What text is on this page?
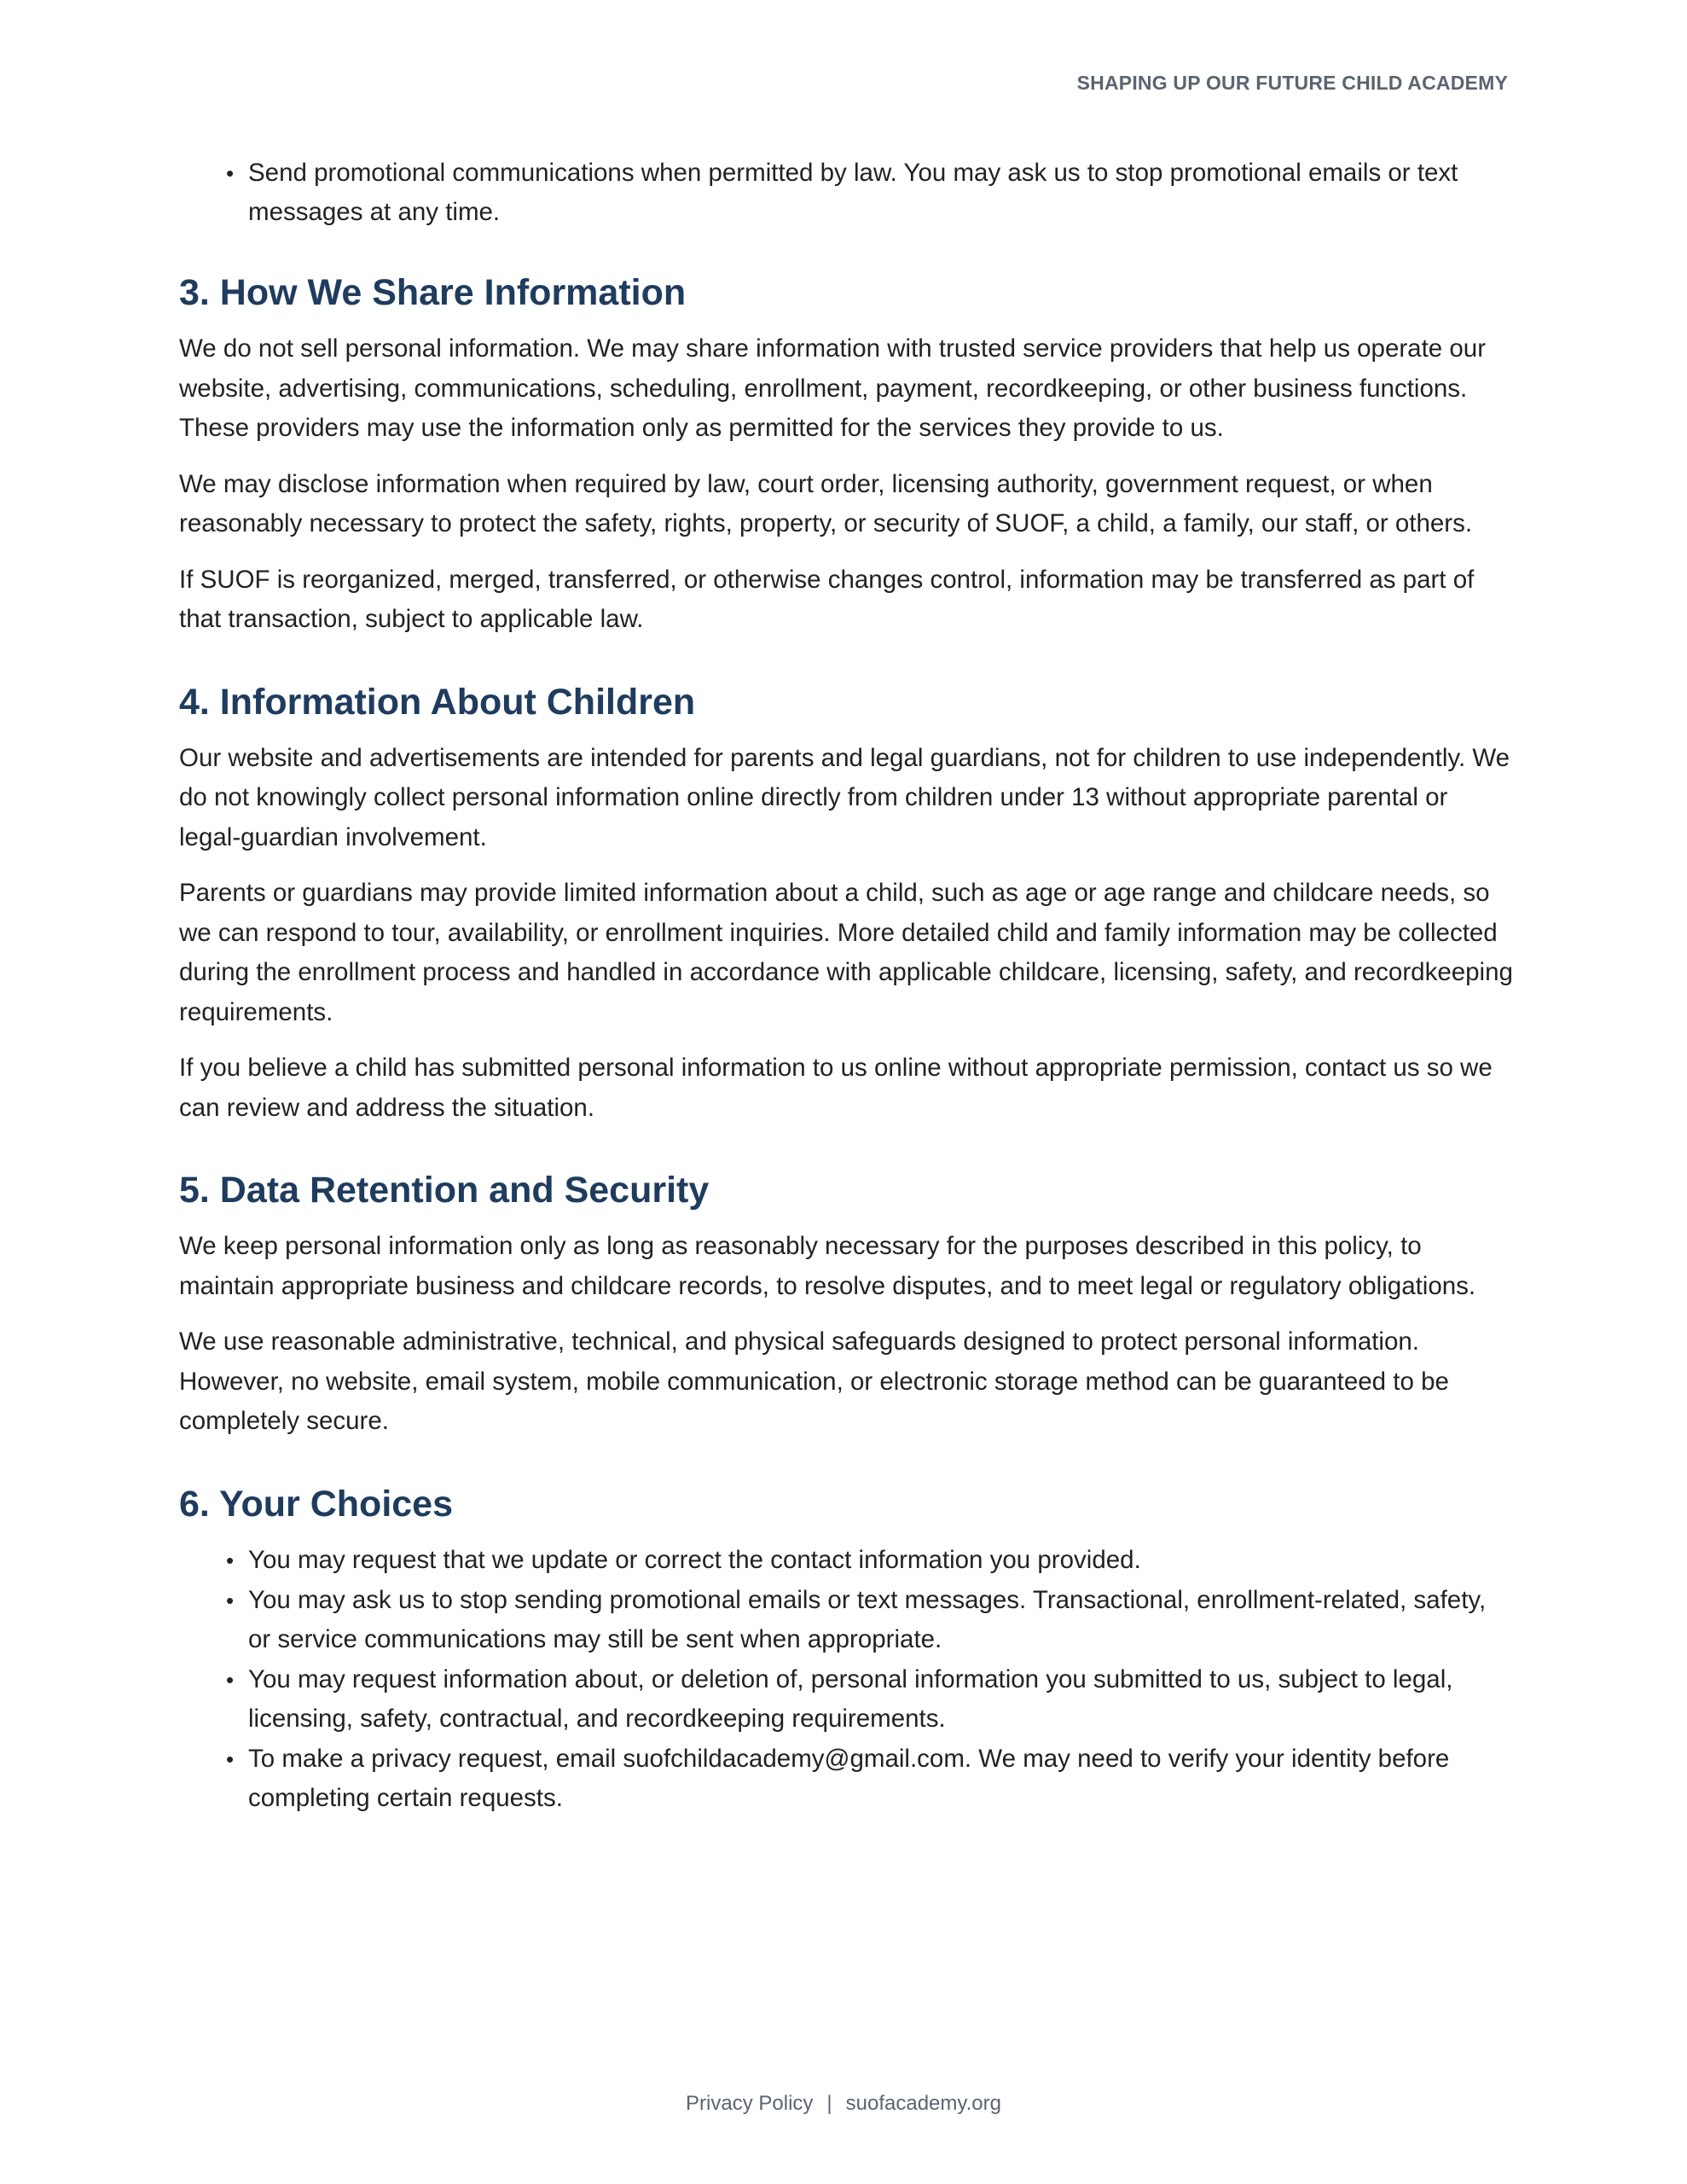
SHAPING UP OUR FUTURE CHILD ACADEMY
• Send promotional communications when permitted by law. You may ask us to stop promotional emails or text messages at any time.
3. How We Share Information

We do not sell personal information. We may share information with trusted service providers that help us operate our website, advertising, communications, scheduling, enrollment, payment, recordkeeping, or other business functions. These providers may use the information only as permitted for the services they provide to us.

We may disclose information when required by law, court order, licensing authority, government request, or when reasonably necessary to protect the safety, rights, property, or security of SUOF, a child, a family, our staff, or others.

If SUOF is reorganized, merged, transferred, or otherwise changes control, information may be transferred as part of that transaction, subject to applicable law.

4. Information About Children

Our website and advertisements are intended for parents and legal guardians, not for children to use independently. We do not knowingly collect personal information online directly from children under 13 without appropriate parental or legal-guardian involvement.

Parents or guardians may provide limited information about a child, such as age or age range and childcare needs, so we can respond to tour, availability, or enrollment inquiries. More detailed child and family information may be collected during the enrollment process and handled in accordance with applicable childcare, licensing, safety, and recordkeeping requirements.

If you believe a child has submitted personal information to us online without appropriate permission, contact us so we can review and address the situation.

5. Data Retention and Security

We keep personal information only as long as reasonably necessary for the purposes described in this policy, to maintain appropriate business and childcare records, to resolve disputes, and to meet legal or regulatory obligations.

We use reasonable administrative, technical, and physical safeguards designed to protect personal information. However, no website, email system, mobile communication, or electronic storage method can be guaranteed to be completely secure.

6. Your Choices
• You may request that we update or correct the contact information you provided.
• You may ask us to stop sending promotional emails or text messages. Transactional, enrollment-related, safety, or service communications may still be sent when appropriate.
• You may request information about, or deletion of, personal information you submitted to us, subject to legal, licensing, safety, contractual, and recordkeeping requirements.
• To make a privacy request, email suofchildacademy@gmail.com. We may need to verify your identity before completing certain requests.
Privacy Policy | suofacademy.org
